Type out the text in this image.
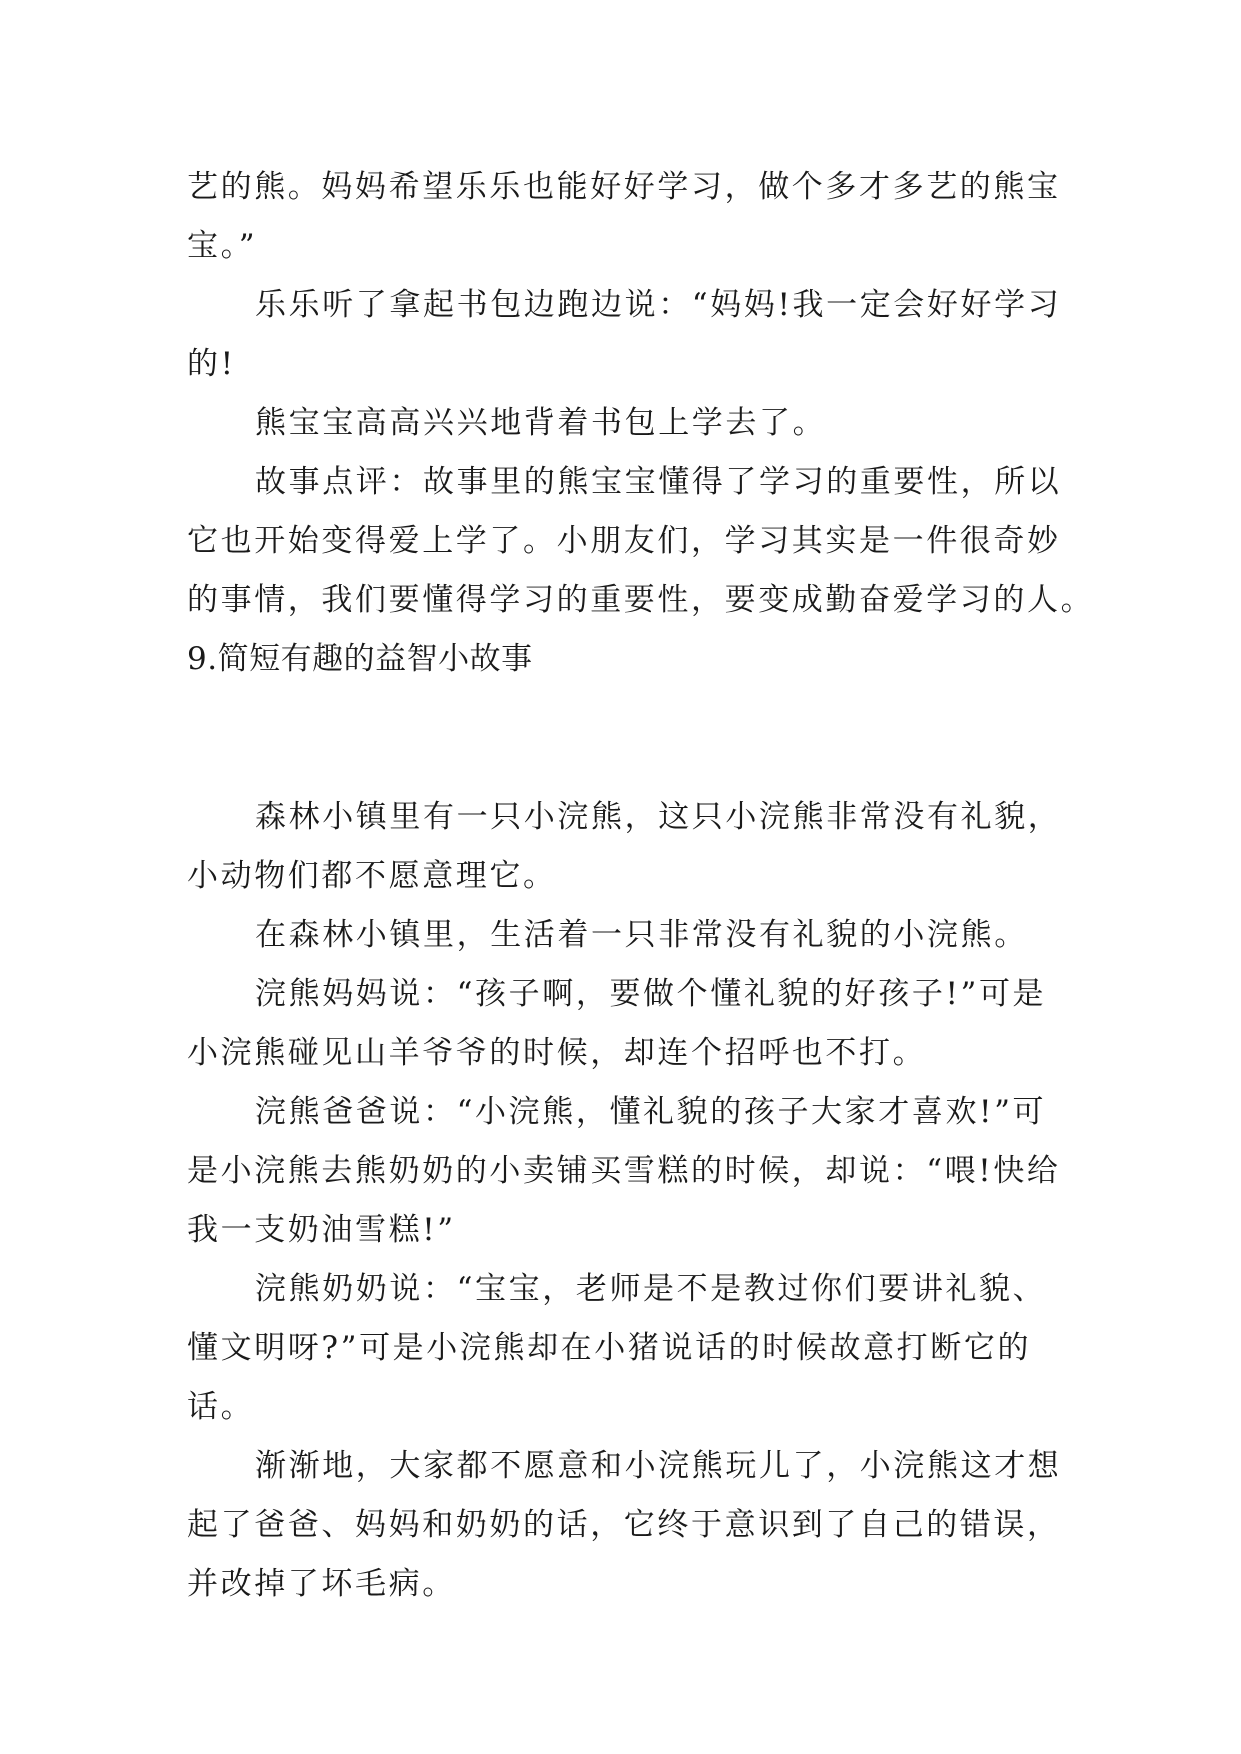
艺的熊。妈妈希望乐乐也能好好学习，做个多才多艺的熊宝
宝。”
乐乐听了拿起书包边跑边说：“妈妈!我一定会好好学习
的!
熊宝宝高高兴兴地背着书包上学去了。
故事点评：故事里的熊宝宝懂得了学习的重要性，所以
它也开始变得爱上学了。小朋友们，学习其实是一件很奇妙
的事情，我们要懂得学习的重要性，要变成勤奋爱学习的人。
9.简短有趣的益智小故事
森林小镇里有一只小浣熊，这只小浣熊非常没有礼貌，
小动物们都不愿意理它。
在森林小镇里，生活着一只非常没有礼貌的小浣熊。
浣熊妈妈说：“孩子啊，要做个懂礼貌的好孩子!”可是
小浣熊碰见山羊爷爷的时候，却连个招呼也不打。
浣熊爸爸说：“小浣熊，懂礼貌的孩子大家才喜欢!”可
是小浣熊去熊奶奶的小卖铺买雪糕的时候，却说：“喂!快给
我一支奶油雪糕!”
浣熊奶奶说：“宝宝，老师是不是教过你们要讲礼貌、
懂文明呀?”可是小浣熊却在小猪说话的时候故意打断它的
话。
渐渐地，大家都不愿意和小浣熊玩儿了，小浣熊这才想
起了爸爸、妈妈和奶奶的话，它终于意识到了自己的错误，
并改掉了坏毛病。
